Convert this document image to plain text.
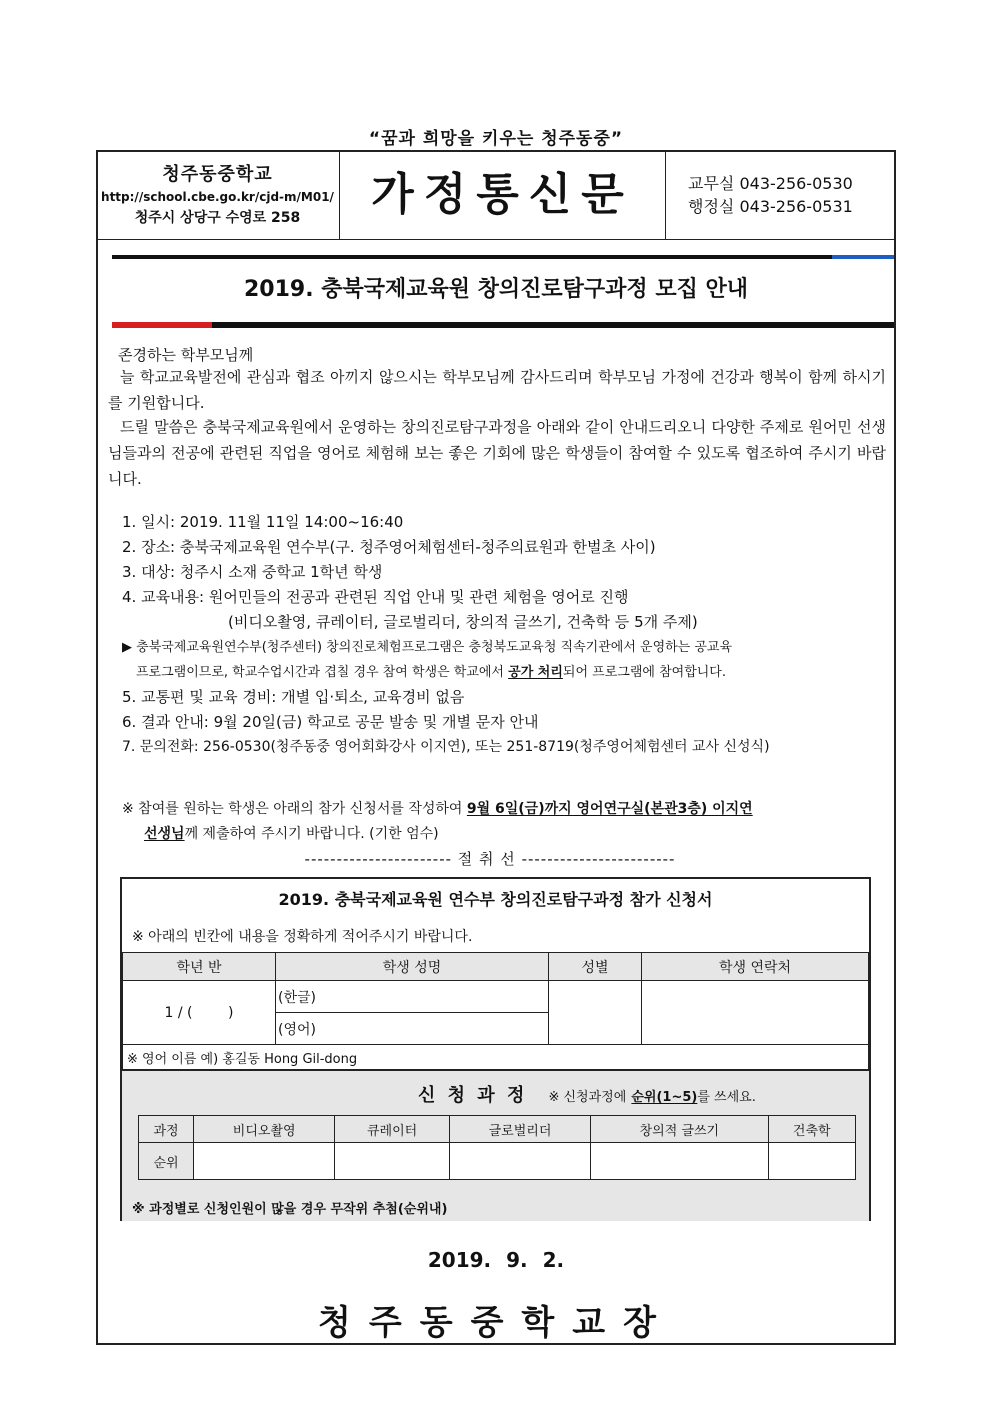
“꿈과 희망을 키우는 청주동중”
청주동중학교
http://school.cbe.go.kr/cjd-m/M01/
청주시 상당구 수영로 258	가정통신문	교무실 043-256-0530
행정실 043-256-0531
2019. 충북국제교육원 창의진로탐구과정 모집 안내
존경하는 학부모님께
늘 학교교육발전에 관심과 협조 아끼지 않으시는 학부모님께 감사드리며 학부모님 가정에 건강과 행복이 함께 하시기를 기원합니다.
드릴 말씀은 충북국제교육원에서 운영하는 창의진로탐구과정을 아래와 같이 안내드리오니 다양한 주제로 원어민 선생님들과의 전공에 관련된 직업을 영어로 체험해 보는 좋은 기회에 많은 학생들이 참여할 수 있도록 협조하여 주시기 바랍니다.
1. 일시: 2019. 11월 11일 14:00~16:40
2. 장소: 충북국제교육원 연수부(구. 청주영어체험센터-청주의료원과 한벌초 사이)
3. 대상: 청주시 소재 중학교 1학년 학생
4. 교육내용: 원어민들의 전공과 관련된 직업 안내 및 관련 체험을 영어로 진행
(비디오촬영, 큐레이터, 글로벌리더, 창의적 글쓰기, 건축학 등 5개 주제)
▶ 충북국제교육원연수부(청주센터) 창의진로체험프로그램은 충청북도교육청 직속기관에서 운영하는 공교육
프로그램이므로, 학교수업시간과 겹칠 경우 참여 학생은 학교에서 공가 처리되어 프로그램에 참여합니다.
5. 교통편 및 교육 경비: 개별 입·퇴소, 교육경비 없음
6. 결과 안내: 9월 20일(금) 학교로 공문 발송 및 개별 문자 안내
7. 문의전화: 256-0530(청주동중 영어회화강사 이지연), 또는 251-8719(청주영어체험센터 교사 신성식)
※ 참여를 원하는 학생은 아래의 참가 신청서를 작성하여 9월 6일(금)까지 영어연구실(본관3층) 이지연
선생님께 제출하여 주시기 바랍니다. (기한 엄수)
----------------------- 절 취 선 ------------------------
2019. 충북국제교육원 연수부 창의진로탐구과정 참가 신청서
※ 아래의 빈칸에 내용을 정확하게 적어주시기 바랍니다.
학년 반	학생 성명	성별	학생 연락처
1 / (        )	(한글)		
	(영어)		
※ 영어 이름 예) 홍길동 Hong Gil-dong			
신 청 과 정 ※ 신청과정에 순위(1~5)를 쓰세요.
과정	비디오촬영	큐레이터	글로벌리더	창의적 글쓰기	건축학
순위					
※ 과정별로 신청인원이 많을 경우 무작위 추첨(순위내)
2019. 9. 2.
청주동중학교장
